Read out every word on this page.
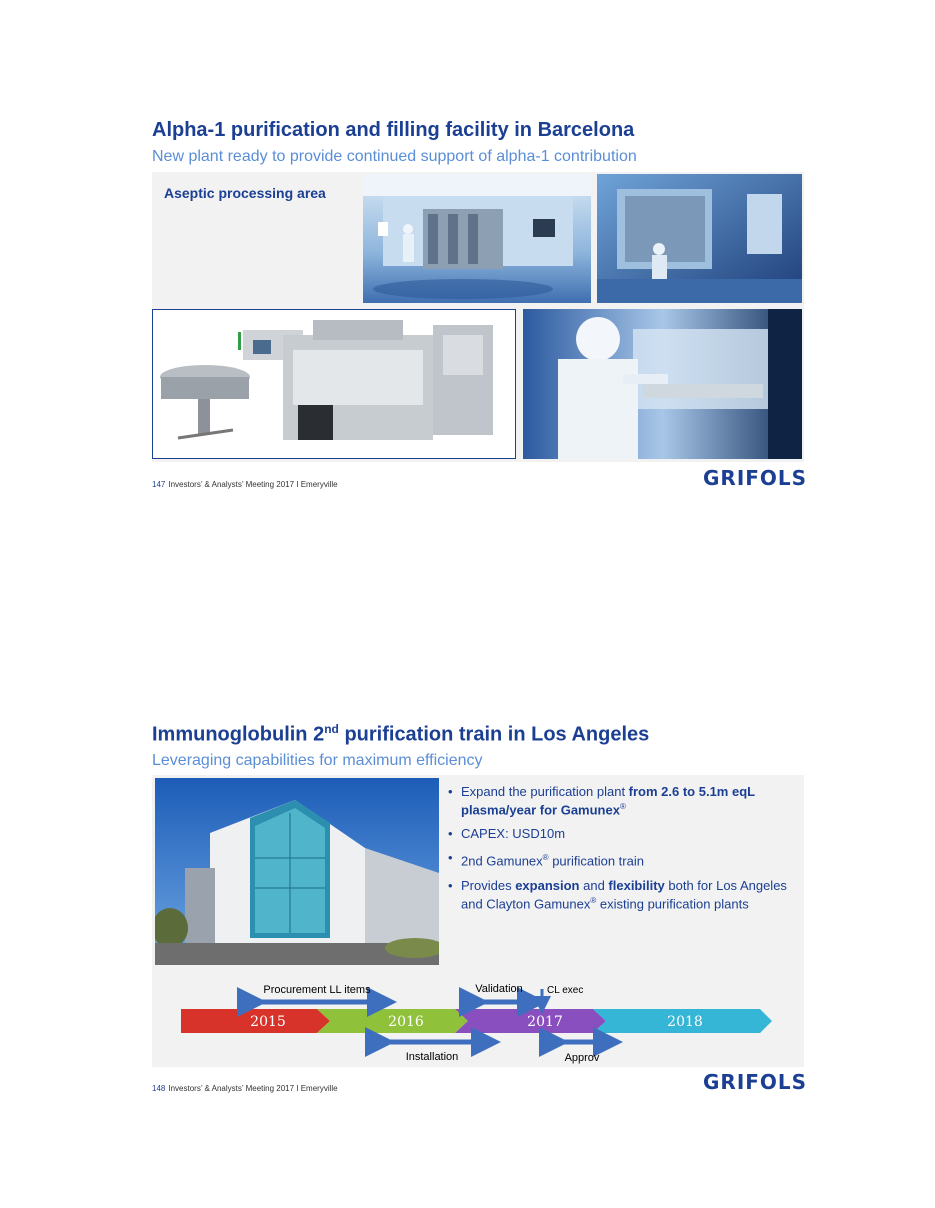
Alpha-1 purification and filling facility in Barcelona
New plant ready to provide continued support of alpha-1 contribution
Aseptic processing area
147 Investors’ & Analysts’ Meeting 2017 I Emeryville	GRIFOLS
Immunoglobulin 2nd purification train in Los Angeles
Leveraging capabilities for maximum efficiency
• Expand the purification plant from 2.6 to 5.1m eqL plasma/year for Gamunex®
• CAPEX: USD10m
• 2nd Gamunex® purification train
• Provides expansion and flexibility both for Los Angeles and Clayton Gamunex® existing purification plants
2015	2016	2017	2018
Procurement LL items	Validation CL exec
Installation	Approv
148 Investors’ & Analysts’ Meeting 2017 I Emeryville	GRIFOLS
